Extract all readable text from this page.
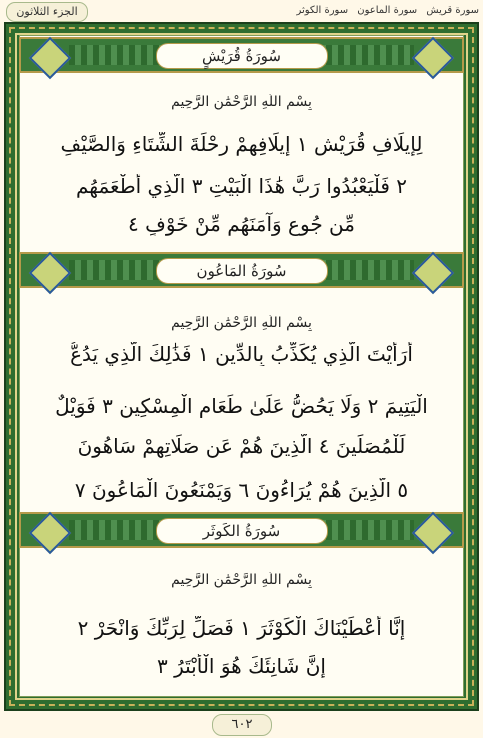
الجزء الثلاثون	سورة قريش سورة الماعون سورة الكوثر
سُورَةُ قُرَيْشٍ
بِسْمِ اللَّهِ الرَّحْمَٰنِ الرَّحِيمِ
لِإِيلَافِ قُرَيْشٍ ١ إِيلَافِهِمْ رِحْلَةَ الشِّتَاءِ وَالصَّيْفِ
٢ فَلْيَعْبُدُوا رَبَّ هَٰذَا الْبَيْتِ ٣ الَّذِي أَطْعَمَهُم
مِّن جُوعٍ وَآمَنَهُم مِّنْ خَوْفٍ ٤
سُورَةُ المَاعُون
بِسْمِ اللَّهِ الرَّحْمَٰنِ الرَّحِيمِ
أَرَأَيْتَ الَّذِي يُكَذِّبُ بِالدِّينِ ١ فَذَٰلِكَ الَّذِي يَدُعُّ
الْيَتِيمَ ٢ وَلَا يَحُضُّ عَلَىٰ طَعَامِ الْمِسْكِينِ ٣ فَوَيْلٌ
لِّلْمُصَلِّينَ ٤ الَّذِينَ هُمْ عَن صَلَاتِهِمْ سَاهُونَ
٥ الَّذِينَ هُمْ يُرَاءُونَ ٦ وَيَمْنَعُونَ الْمَاعُونَ ٧
سُورَةُ الكَوثَر
بِسْمِ اللَّهِ الرَّحْمَٰنِ الرَّحِيمِ
إِنَّا أَعْطَيْنَاكَ الْكَوْثَرَ ١ فَصَلِّ لِرَبِّكَ وَانْحَرْ ٢
إِنَّ شَانِئَكَ هُوَ الْأَبْتَرُ ٣
٦٠٢
